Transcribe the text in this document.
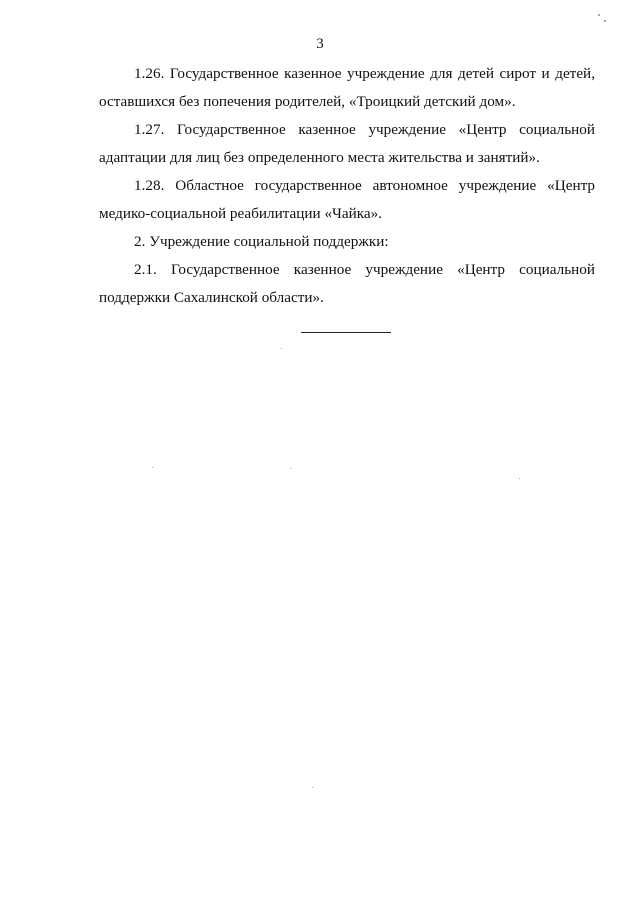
3

1.26. Государственное казенное учреждение для детей сирот и детей, оставшихся без попечения родителей, «Троицкий детский дом».

1.27. Государственное казенное учреждение «Центр социальной адаптации для лиц без определенного места жительства и занятий».

1.28. Областное государственное автономное учреждение «Центр медико-социальной реабилитации «Чайка».

2. Учреждение социальной поддержки:

2.1. Государственное казенное учреждение «Центр социальной поддержки Сахалинской области».
